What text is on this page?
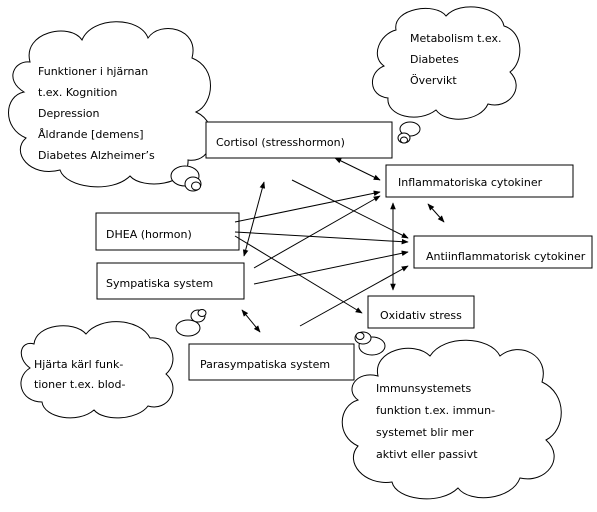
Funktioner i hjärnan
t.ex. Kognition
Depression
Åldrande [demens]
Diabetes Alzheimer’s
Metabolism t.ex.
Diabetes
Övervikt
Hjärta kärl funk-
tioner t.ex. blod-	Immunsystemets
funktion t.ex. immun-
systemet blir mer
aktivt eller passivt
Cortisol (stresshormon)
Inflammatoriska cytokiner
DHEA (hormon)
Sympatiska system
Antiinflammatorisk cytokiner
Oxidativ stress
Parasympatiska system
